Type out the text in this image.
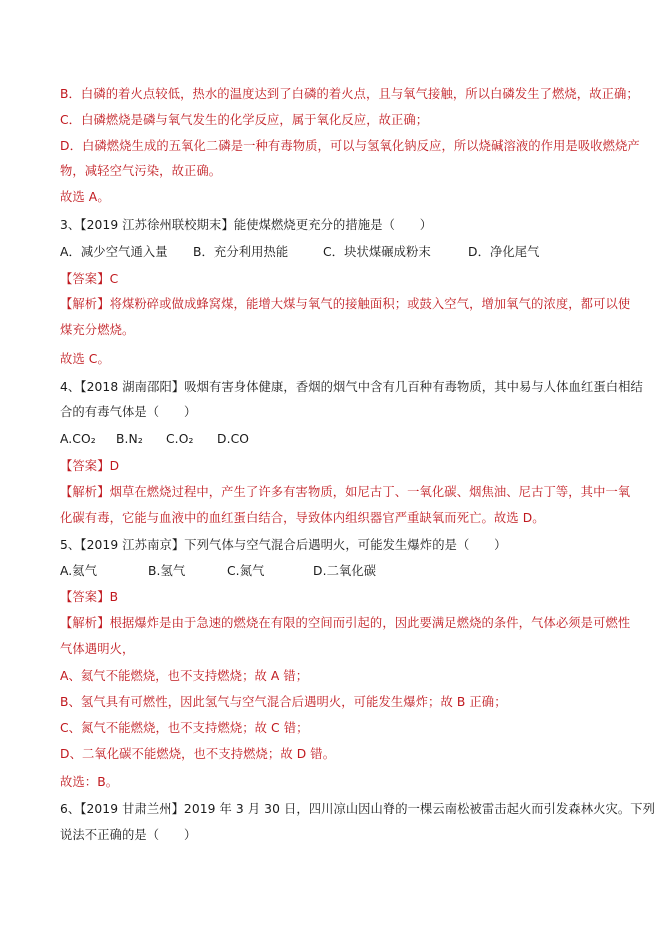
B．白磷的着火点较低，热水的温度达到了白磷的着火点，且与氧气接触，所以白磷发生了燃烧，故正确；
C．白磷燃烧是磷与氧气发生的化学反应，属于氧化反应，故正确；
D．白磷燃烧生成的五氧化二磷是一种有毒物质，可以与氢氧化钠反应，所以烧碱溶液的作用是吸收燃烧产
物，减轻空气污染，故正确。
故选 A。
3、【2019 江苏徐州联校期末】能使煤燃烧更充分的措施是（　　）
A．减少空气通入量 B．充分利用热能	C．块状煤碾成粉末	D．净化尾气
【答案】C
【解析】将煤粉碎或做成蜂窝煤，能增大煤与氧气的接触面积；或鼓入空气，增加氧气的浓度，都可以使
煤充分燃烧。
故选 C。
4、【2018 湖南邵阳】吸烟有害身体健康，香烟的烟气中含有几百种有毒物质，其中易与人体血红蛋白相结
合的有毒气体是（　　）
A.CO₂ B.N₂ C.O₂ D.CO
【答案】D
【解析】烟草在燃烧过程中，产生了许多有害物质，如尼古丁、一氧化碳、烟焦油、尼古丁等，其中一氧
化碳有毒，它能与血液中的血红蛋白结合，导致体内组织器官严重缺氧而死亡。故选 D。
5、【2019 江苏南京】下列气体与空气混合后遇明火，可能发生爆炸的是（　　）
A.氦气	B.氢气	C.氮气	D.二氧化碳
【答案】B
【解析】根据爆炸是由于急速的燃烧在有限的空间而引起的，因此要满足燃烧的条件，气体必须是可燃性
气体遇明火，
A、氦气不能燃烧，也不支持燃烧；故 A 错；
B、氢气具有可燃性，因此氢气与空气混合后遇明火，可能发生爆炸；故 B 正确；
C、氮气不能燃烧，也不支持燃烧；故 C 错；
D、二氧化碳不能燃烧，也不支持燃烧；故 D 错。
故选：B。
6、【2019 甘肃兰州】2019 年 3 月 30 日，四川凉山因山脊的一棵云南松被雷击起火而引发森林火灾。下列
说法不正确的是（　　）
